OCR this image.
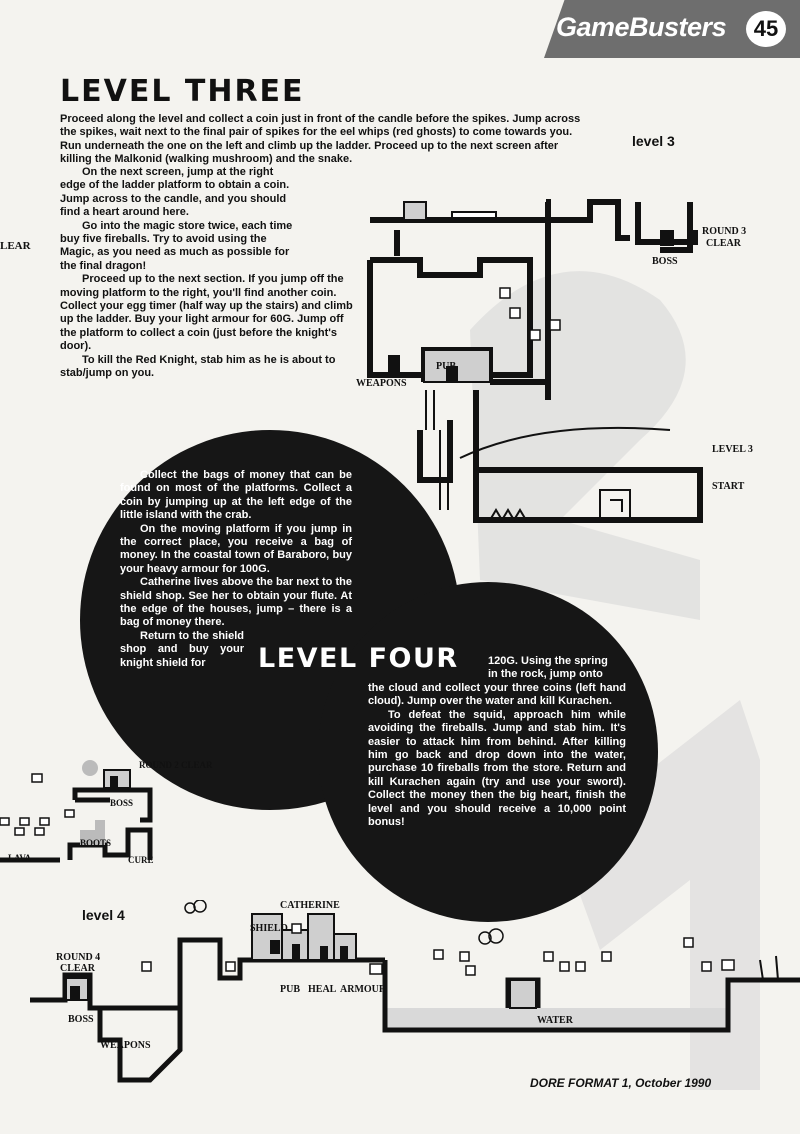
GameBusters	45
LEVEL THREE

Proceed along the level and collect a coin just in front of the candle before the spikes. Jump across the spikes, wait next to the final pair of spikes for the eel whips (red ghosts) to come towards you. Run underneath the one on the left and climb up the ladder. Proceed up to the next screen after killing the Malkonid (walking mushroom) and the snake.

On the next screen, jump at the right edge of the ladder platform to obtain a coin. Jump across to the candle, and you should find a heart around here.

Go into the magic store twice, each time buy five fireballs. Try to avoid using the Magic, as you need as much as possible for the final dragon!

Proceed up to the next section. If you jump off the moving platform to the right, you'll find another coin. Collect your egg timer (half way up the stairs) and climb up the ladder. Buy your light armour for 60G. Jump off the platform to collect a coin (just before the knight's door).

To kill the Red Knight, stab him as he is about to stab/jump on you.

LEAR
level 3
ROUND 3
CLEAR
BOSS
PUB
WEAPONS
LEVEL 3
START

Collect the bags of money that can be found on most of the platforms. Collect a coin by jumping up at the left edge of the little island with the crab.

On the moving platform if you jump in the correct place, you receive a bag of money. In the coastal town of Baraboro, buy your heavy armour for 100G.

Catherine lives above the bar next to the shield shop. See her to obtain your flute. At the edge of the houses, jump – there is a bag of money there.

Return to the shield shop and buy your knight shield for	LEVEL FOUR	120G. Using the spring in the rock, jump onto

the cloud and collect your three coins (left hand cloud). Jump over the water and kill Kurachen.

To defeat the squid, approach him while avoiding the fireballs. Jump and stab him. It's easier to attack him from behind. After killing him go back and drop down into the water, purchase 10 fireballs from the store. Return and kill Kurachen again (try and use your sword). Collect the money then the big heart, finish the level and you should receive a 10,000 point bonus!

ROUND 2 CLEAR
BOSS
BOOTS
LAVA	CURE
level 4
ROUND 4
CLEAR
BOSS
WEAPONS
SHIELD
CATHERINE
PUB HEAL ARMOUR
WATER
DORE FORMAT 1, October 1990
